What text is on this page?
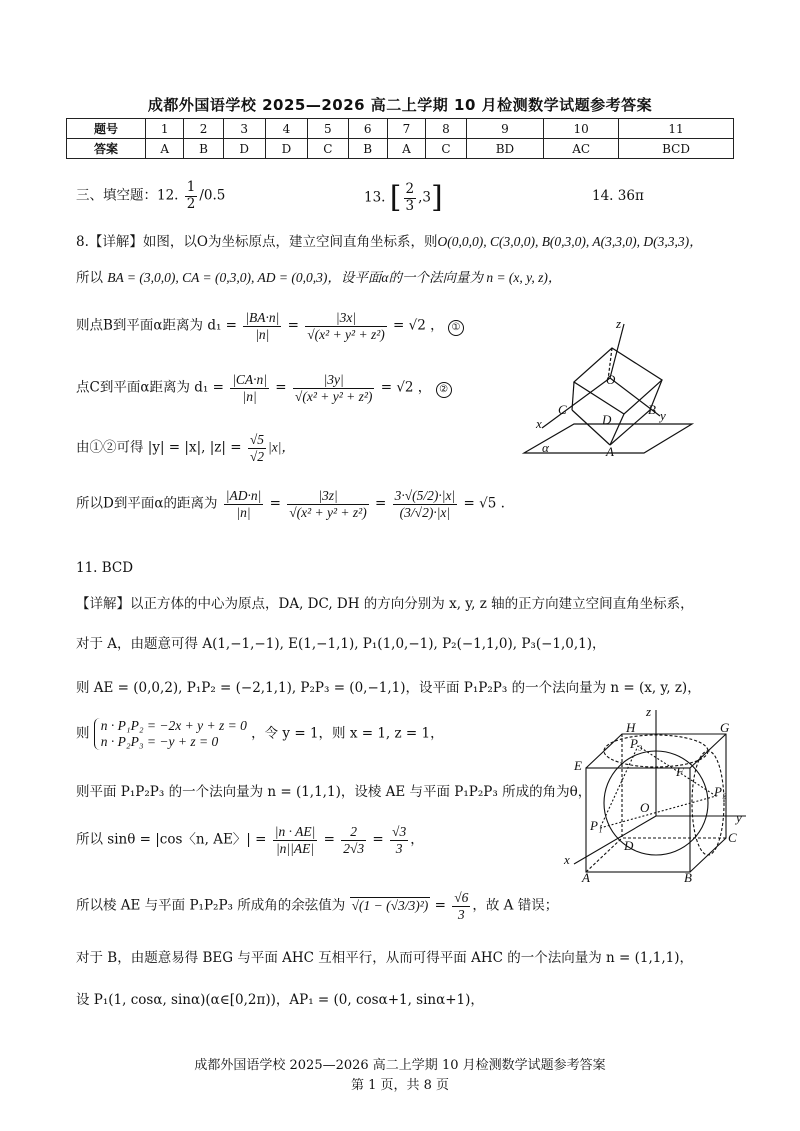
成都外国语学校 2025—2026 高二上学期 10 月检测数学试题参考答案
题号	1	2	3	4	5	6	7	8	9	10	11
答案	A	B	D	D	C	B	A	C	BD	AC	BCD
三、填空题：12. $\frac{1}{2} /0.5$	13. [ $\frac{2}{3} ,3$]	14. 36π
8.【详解】如图，以O为坐标原点，建立空间直角坐标系，则O(0,0,0), C(3,0,0), B(0,3,0), A(3,3,0), D(3,3,3)，
所以 BA = (3,0,0), CA = (0,3,0), AD = (0,0,3)，设平面α的一个法向量为 n = (x, y, z)，
则点B到平面α距离为 $d_1 = \frac{|BA\cdot n|}{|n|} = \frac{|3x|}{\text{√(x² + y² + z²)}} = √2$ ， ①
点C到平面α距离为 $d_1 = \frac{|CA\cdot n|}{|n|} = \frac{|3y|}{\text{√(x² + y² + z²)}} = √2$ ， ②
由①②可得 |y| = |x|, $|z| = \frac{√5}{√2} |x|$，
所以D到平面α的距离为 $\frac{|AD\cdot n|}{|n|} = \frac{|3z|}{\text{√(x² + y² + z²)}} = \frac{3\cdot√(5/2)\cdot|x|}{(3/√2)\cdot|x|} = √5$ .
z
O
C
D
B y
x
α	A
11. BCD
【详解】以正方体的中心为原点，DA, DC, DH 的方向分别为 x, y, z 轴的正方向建立空间直角坐标系，
对于 A，由题意可得 A(1,−1,−1), E(1,−1,1), P₁(1,0,−1), P₂(−1,1,0), P₃(−1,0,1)，
则 AE = (0,0,2), P₁P₂ = (−2,1,1), P₂P₃ = (0,−1,1)，设平面 P₁P₂P₃ 的一个法向量为 n = (x, y, z)，
则
n · P₁P₂ = −2x + y + z = 0
n · P₂P₃ = −y + z = 0	，令 y = 1，则 x = 1, z = 1，
则平面 P₁P₂P₃ 的一个法向量为 n = (1,1,1)，设棱 AE 与平面 P₁P₂P₃ 所成的角为θ，
所以 sinθ = |cos〈n, AE〉| = $\frac{|n \cdot AE|}{|n||AE|} = \frac{2}{2√3} = \frac{√3}{3}$ ，
所以棱 AE 与平面 P₁P₂P₃ 所成角的余弦值为 $√(1 - (√3/3)^2) = \frac{√6}{3}$ ，故 A 错误；
对于 B，由题意易得 BEG 与平面 AHC 互相平行，从而可得平面 AHC 的一个法向量为 n = (1,1,1)，
设 P₁(1, cosα, sinα)(α∈[0,2π))，AP₁ = (0, cosα+1, sinα+1)，
z
H	G
P₃
E	F
P₂
O
y
P₁
D
C
x
A	B
成都外国语学校 2025—2026 高二上学期 10 月检测数学试题参考答案
第 1 页，共 8 页
